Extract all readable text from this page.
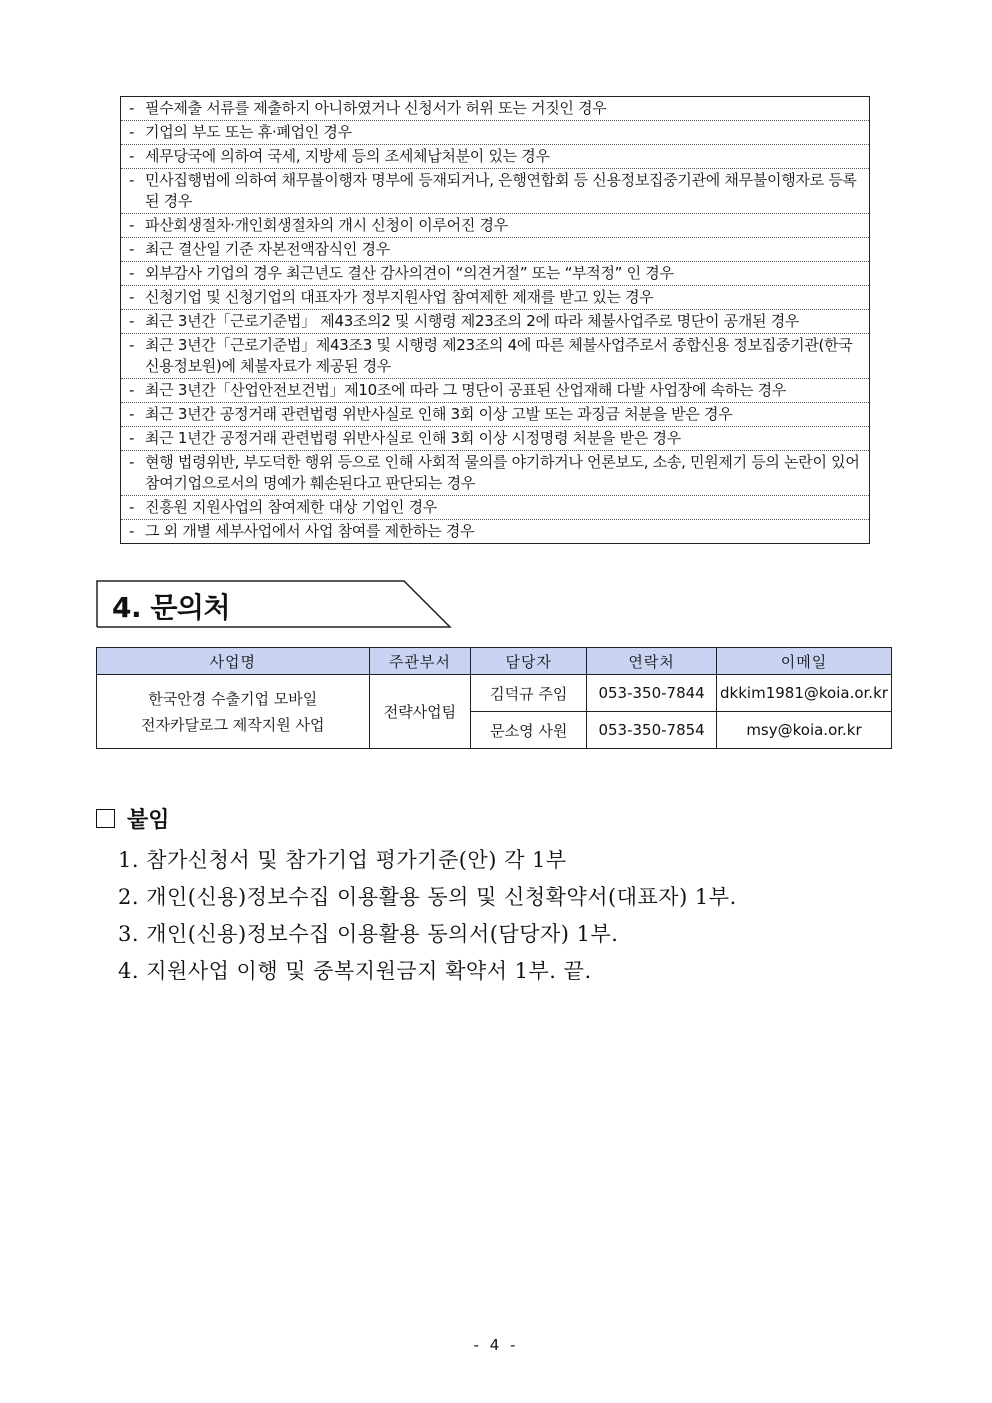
- 필수제출 서류를 제출하지 아니하였거나 신청서가 허위 또는 거짓인 경우
- 기업의 부도 또는 휴·폐업인 경우
- 세무당국에 의하여 국세, 지방세 등의 조세체납처분이 있는 경우
- 민사집행법에 의하여 채무불이행자 명부에 등재되거나, 은행연합회 등 신용정보집중기관에 채무불이행자로 등록된 경우
- 파산회생절차·개인회생절차의 개시 신청이 이루어진 경우
- 최근 결산일 기준 자본전액잠식인 경우
- 외부감사 기업의 경우 최근년도 결산 감사의견이 “의견거절” 또는 “부적정” 인 경우
- 신청기업 및 신청기업의 대표자가 정부지원사업 참여제한 제재를 받고 있는 경우
- 최근 3년간「근로기준법」 제43조의2 및 시행령 제23조의 2에 따라 체불사업주로 명단이 공개된 경우
- 최근 3년간「근로기준법」제43조3 및 시행령 제23조의 4에 따른 체불사업주로서 종합신용 정보집중기관(한국신용정보원)에 체불자료가 제공된 경우
- 최근 3년간「산업안전보건법」제10조에 따라 그 명단이 공표된 산업재해 다발 사업장에 속하는 경우
- 최근 3년간 공정거래 관련법령 위반사실로 인해 3회 이상 고발 또는 과징금 처분을 받은 경우
- 최근 1년간 공정거래 관련법령 위반사실로 인해 3회 이상 시정명령 처분을 받은 경우
- 현행 법령위반, 부도덕한 행위 등으로 인해 사회적 물의를 야기하거나 언론보도, 소송, 민원제기 등의 논란이 있어 참여기업으로서의 명예가 훼손된다고 판단되는 경우
- 진흥원 지원사업의 참여제한 대상 기업인 경우
- 그 외 개별 세부사업에서 사업 참여를 제한하는 경우
4. 문의처
사업명	주관부서	담당자	연락처	이메일

한국안경 수출기업 모바일
전자카달로그 제작지원 사업	전략사업팀	김덕규 주임	053-350-7844	dkkim1981@koia.or.kr
		문소영 사원	053-350-7854	msy@koia.or.kr
붙임
1. 참가신청서 및 참가기업 평가기준(안) 각 1부
2. 개인(신용)정보수집 이용활용 동의 및 신청확약서(대표자) 1부.
3. 개인(신용)정보수집 이용활용 동의서(담당자) 1부.
4. 지원사업 이행 및 중복지원금지 확약서 1부. 끝.
- 4 -
